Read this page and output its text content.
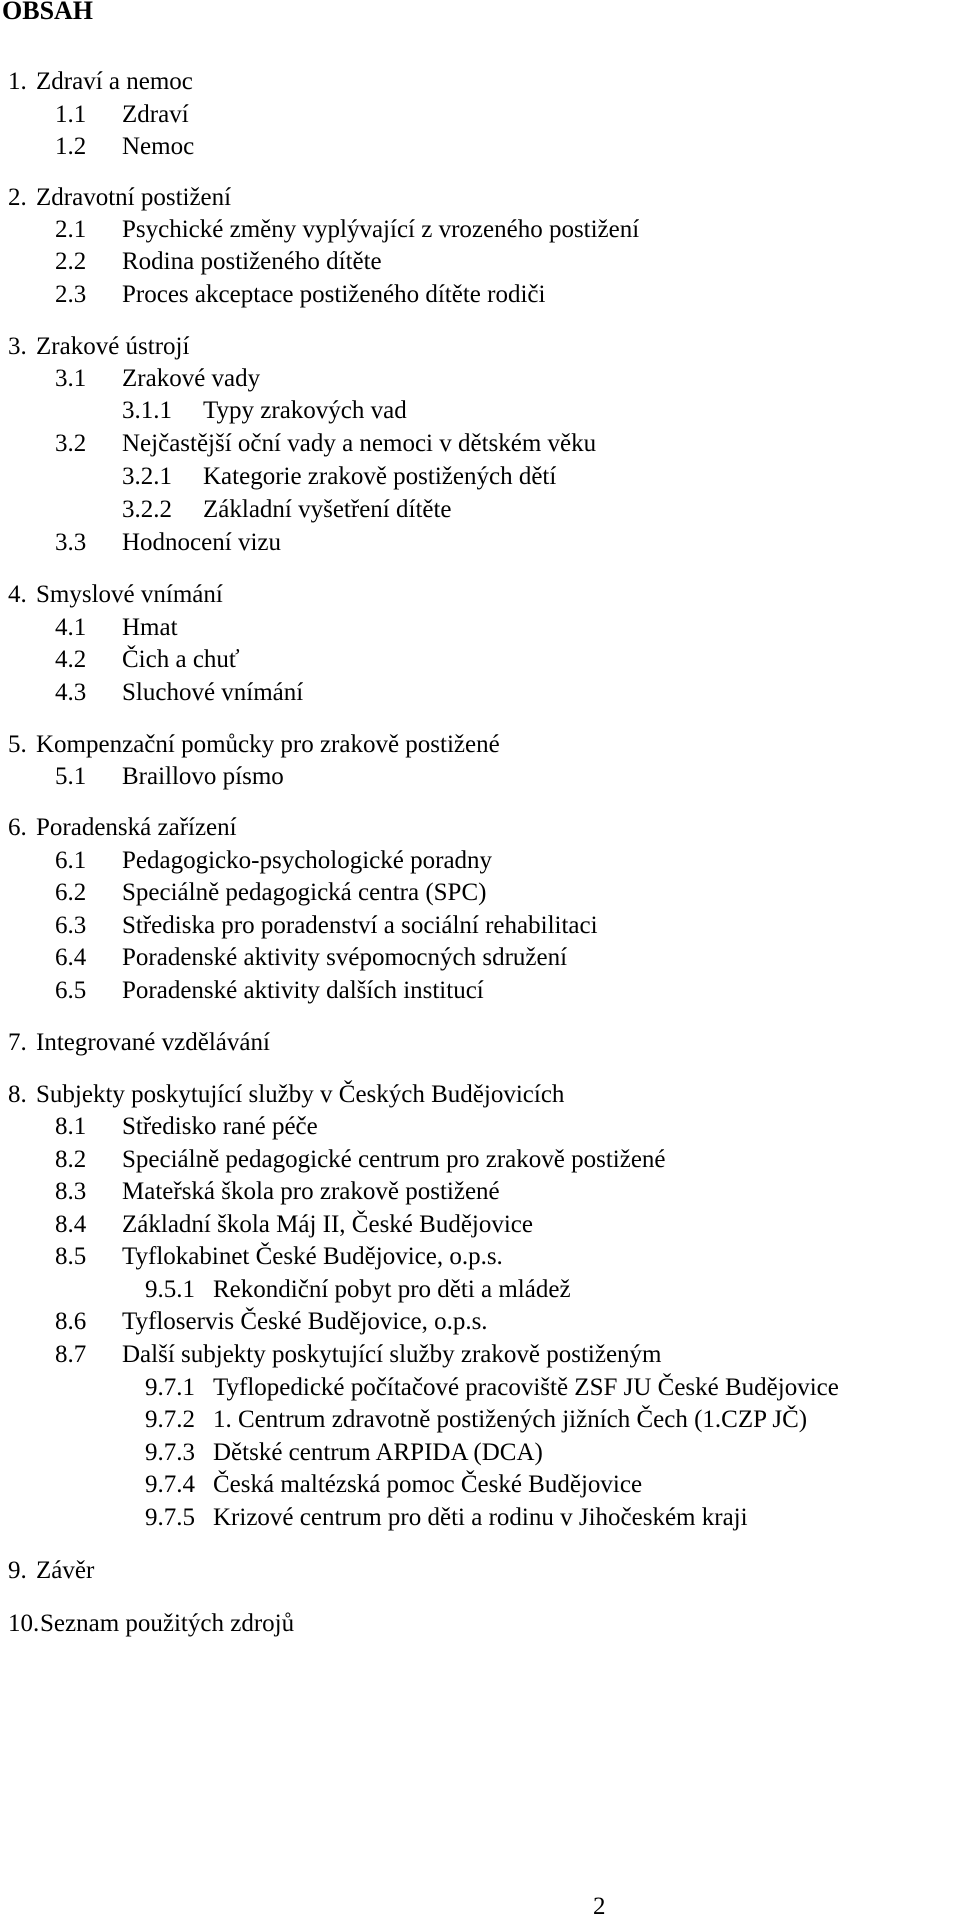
OBSAH
1. Zdraví a nemoc
1.1 Zdraví
1.2 Nemoc
2. Zdravotní postižení
2.1 Psychické změny vyplývající z vrozeného postižení
2.2 Rodina postiženého dítěte
2.3 Proces akceptace postiženého dítěte rodiči
3. Zrakové ústrojí
3.1 Zrakové vady
3.1.1 Typy zrakových vad
3.2 Nejčastější oční vady a nemoci v dětském věku
3.2.1 Kategorie zrakově postižených dětí
3.2.2 Základní vyšetření dítěte
3.3 Hodnocení vizu
4. Smyslové vnímání
4.1 Hmat
4.2 Čich a chuť
4.3 Sluchové vnímání
5. Kompenzační pomůcky pro zrakově postižené
5.1 Braillovo písmo
6. Poradenská zařízení
6.1 Pedagogicko-psychologické poradny
6.2 Speciálně pedagogická centra (SPC)
6.3 Střediska pro poradenství a sociální rehabilitaci
6.4 Poradenské aktivity svépomocných sdružení
6.5 Poradenské aktivity dalších institucí
7. Integrované vzdělávání
8. Subjekty poskytující služby v Českých Budějovicích
8.1 Středisko rané péče
8.2 Speciálně pedagogické centrum pro zrakově postižené
8.3 Mateřská škola pro zrakově postižené
8.4 Základní škola Máj II, České Budějovice
8.5 Tyflokabinet České Budějovice, o.p.s.
9.5.1 Rekondiční pobyt pro děti a mládež
8.6 Tyfloservis České Budějovice, o.p.s.
8.7 Další subjekty poskytující služby zrakově postiženým
9.7.1 Tyflopedické počítačové pracoviště ZSF JU České Budějovice
9.7.2 1. Centrum zdravotně postižených jižních Čech (1.CZP JČ)
9.7.3 Dětské centrum ARPIDA (DCA)
9.7.4 Česká maltézská pomoc České Budějovice
9.7.5 Krizové centrum pro děti a rodinu v Jihočeském kraji
9. Závěr
10. Seznam použitých zdrojů
2
